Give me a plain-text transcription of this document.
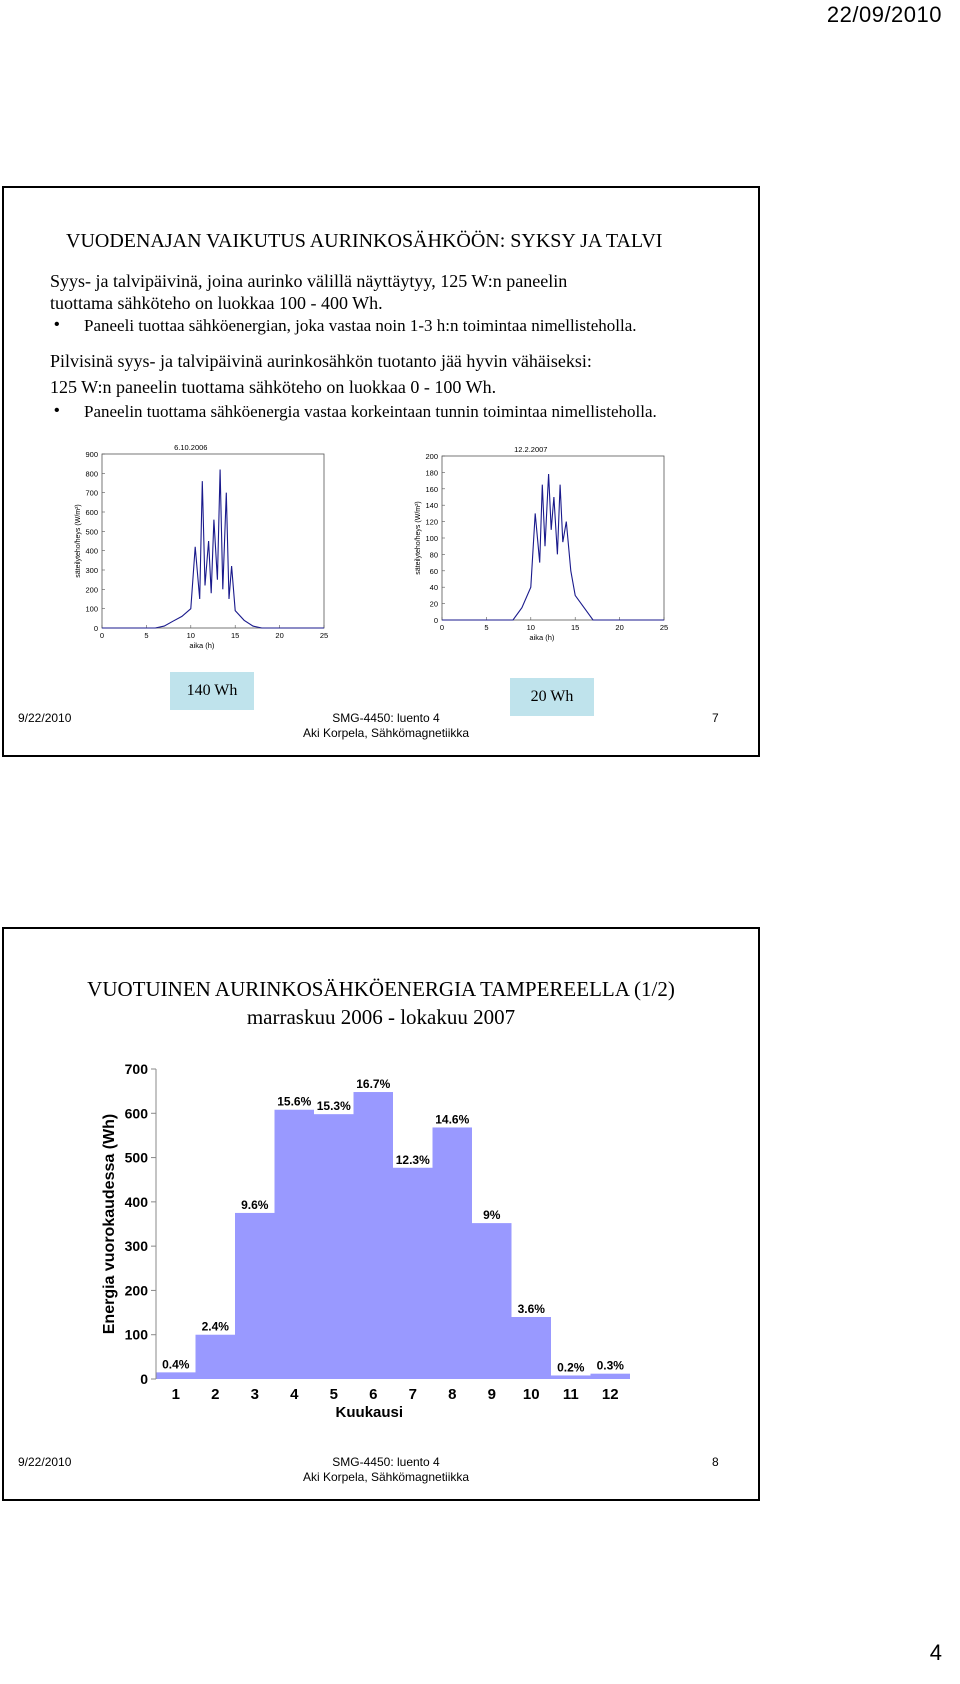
22/09/2010
VUODENAJAN VAIKUTUS AURINKOSÄHKÖÖN: SYKSY JA TALVI
Syys- ja talvipäivinä, joina aurinko välillä näyttäytyy, 125 W:n paneelin
tuottama sähköteho on luokkaa 100 - 400 Wh.
• Paneeli tuottaa sähköenergian, joka vastaa noin 1-3 h:n toimintaa nimellisteholla.
Pilvisinä syys- ja talvipäivinä aurinkosähkön tuotanto jää hyvin vähäiseksi:
125 W:n paneelin tuottama sähköteho on luokkaa 0 - 100 Wh.
• Paneelin tuottama sähköenergia vastaa korkeintaan tunnin toimintaa nimellisteholla.
0
100
200
300
400
500
600
700
800
900
0	5	10	15	20	25
6.10.2006
aika (h)
säteilyteho/heys (W/m²)
0
20
40
60
80
100
120
140
160
180
200
0	5	10	15	20	25
12.2.2007
aika (h)
säteilyteho/heys (W/m²)
140 Wh	20 Wh
9/22/2010	SMG-4450: luento 4
Aki Korpela, Sähkömagnetiikka
7
VUOTUINEN AURINKOSÄHKÖENERGIA TAMPEREELLA (1/2)
marraskuu 2006 - lokakuu 2007
0.4%
1
2.4%
2
9.6%
3
15.6%
4
15.3%
5
16.7%
6
12.3%
7
14.6%
8
9%
9
3.6%
10
0.2%
11
0.3%
12
0
100
200
300
400
500
600
700
Kuukausi
Energia vuorokaudessa (Wh)
9/22/2010	SMG-4450: luento 4
Aki Korpela, Sähkömagnetiikka
8
4
